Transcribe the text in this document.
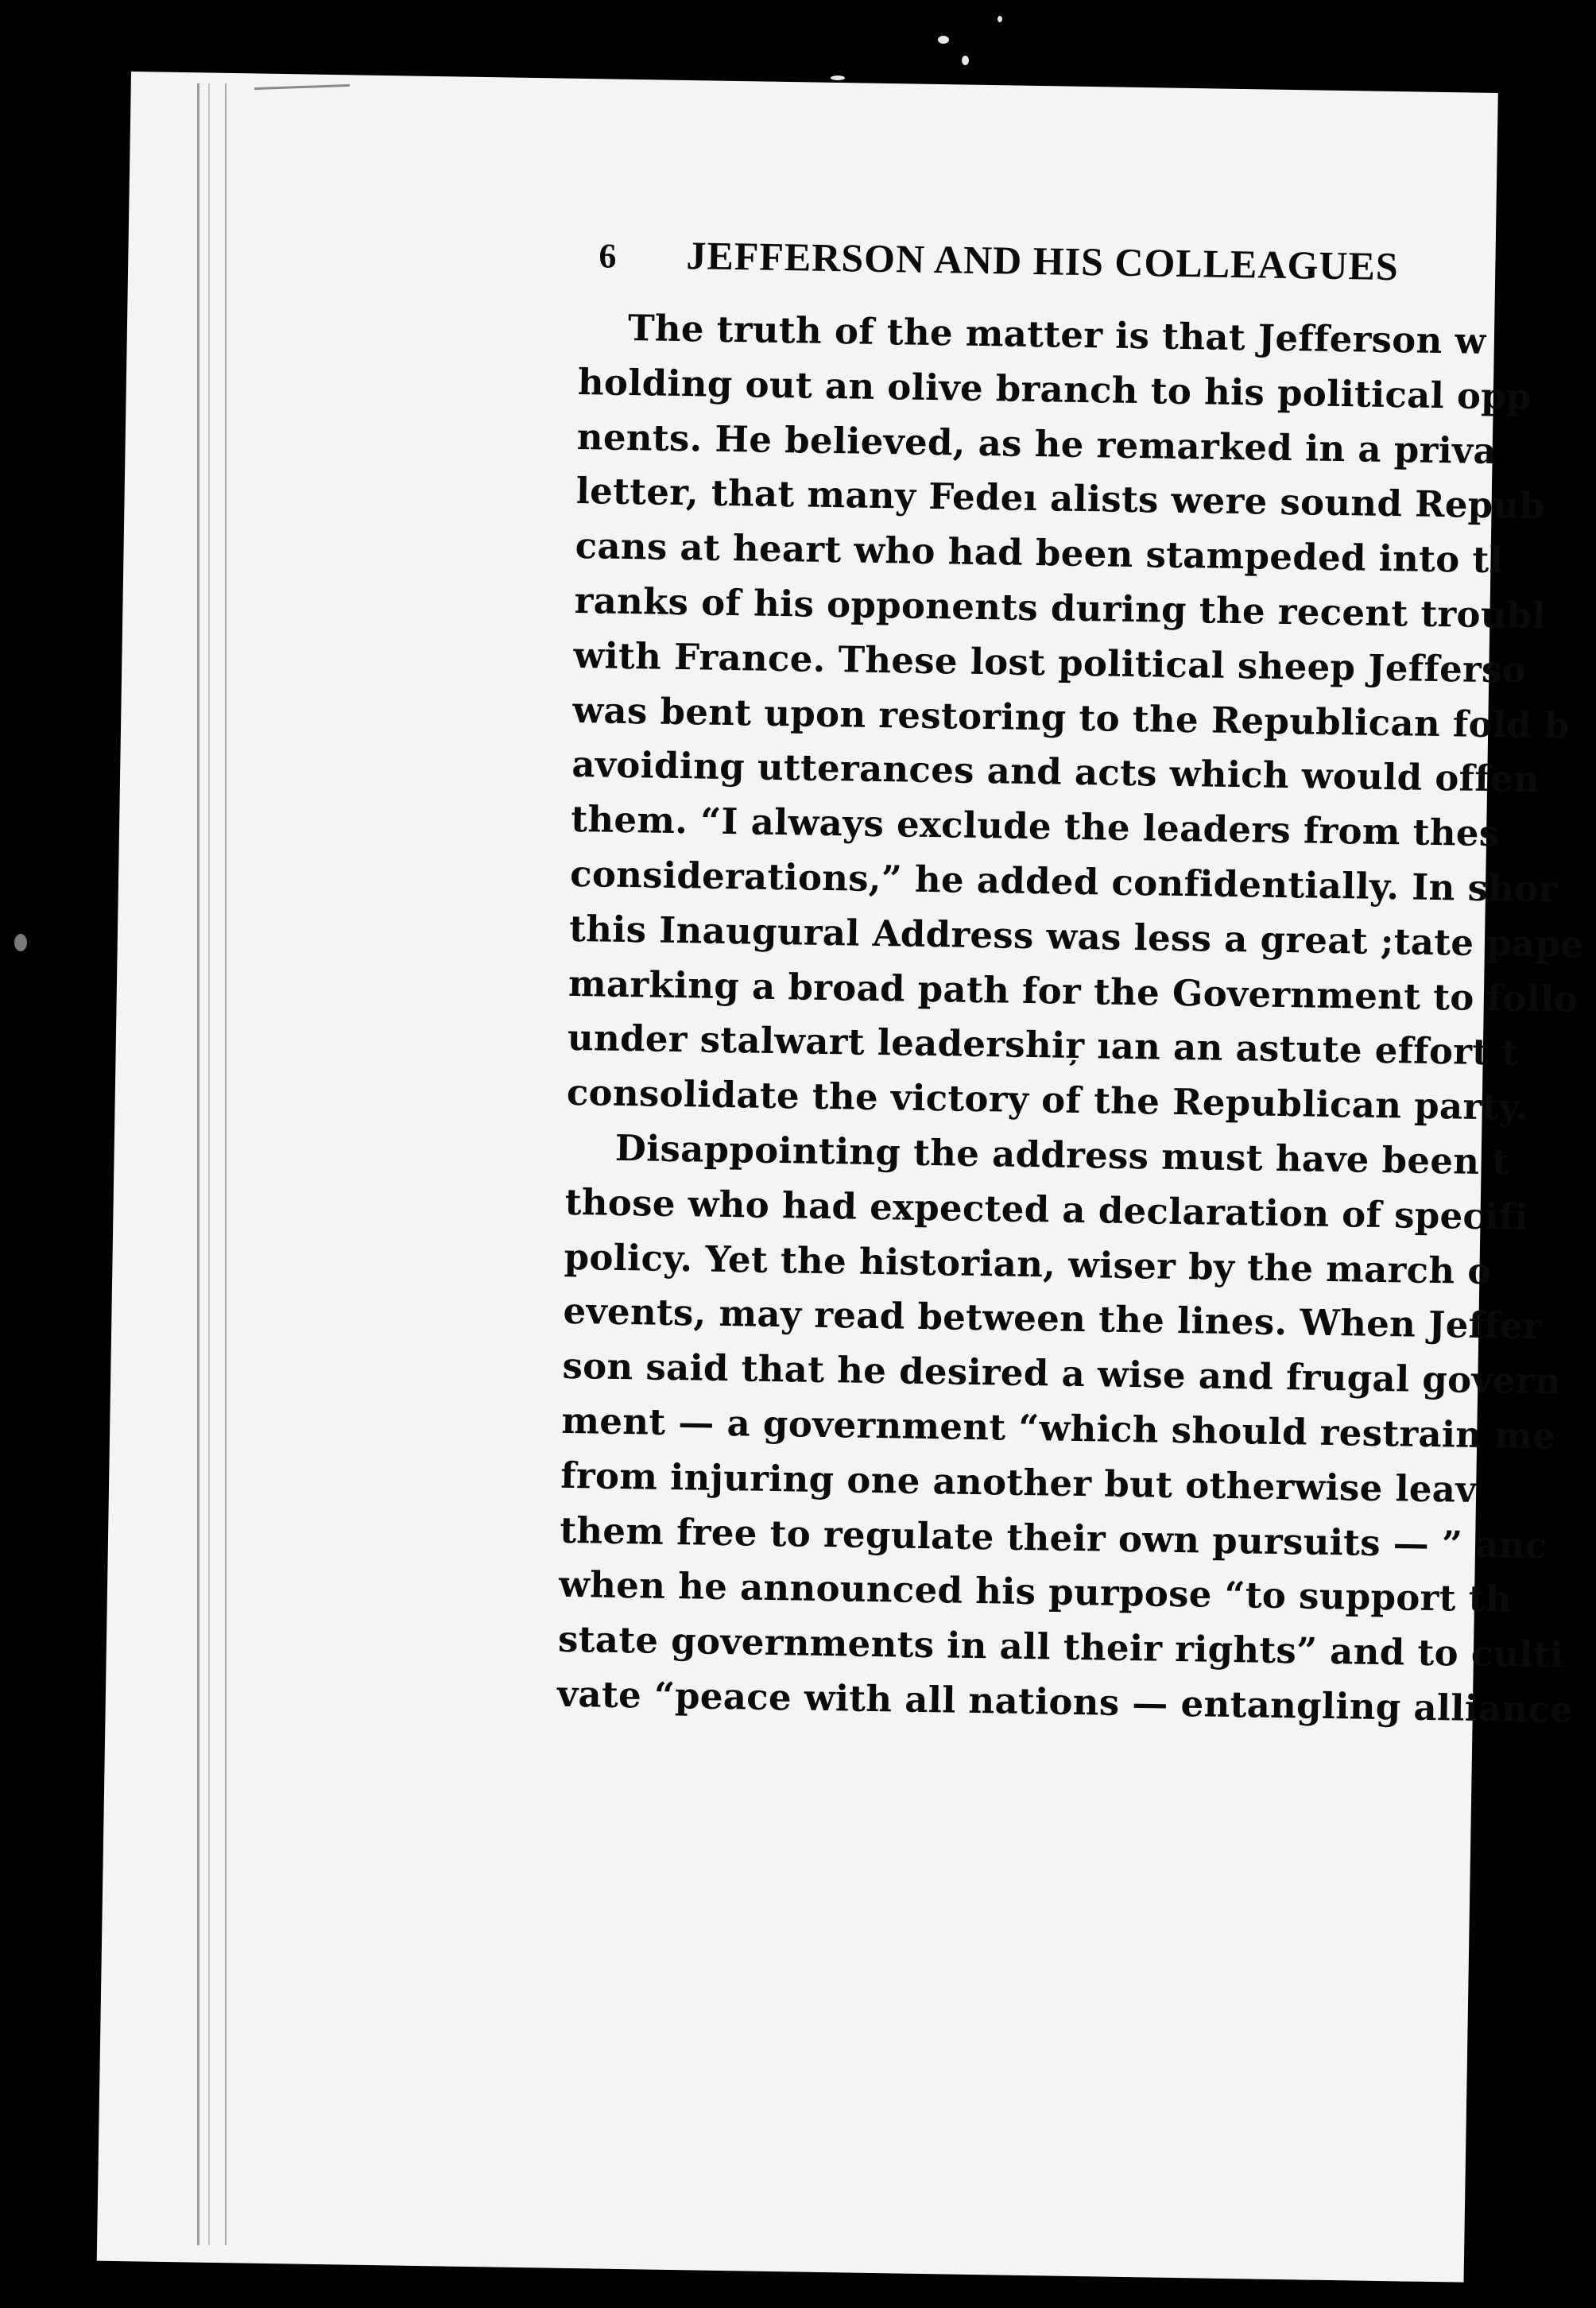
6	JEFFERSON AND HIS COLLEAGUES
The truth of the matter is that Jefferson w
holding out an olive branch to his political opp
nents. He believed, as he remarked in a priva
letter, that many Fedeı alists were sound Repub
cans at heart who had been stampeded into tl
ranks of his opponents during the recent troubl
with France. These lost political sheep Jefferso
was bent upon restoring to the Republican fold b
avoiding utterances and acts which would offen
them. “I always exclude the leaders from thes
considerations,” he added confidentially. In shor
this Inaugural Address was less a great ;tate pape
marking a broad path for the Government to follo
under stalwart leadershiŗ ıan an astute effort t
consolidate the victory of the Republican party.
Disappointing the address must have been t
those who had expected a declaration of specifi
policy. Yet the historian, wiser by the march o
events, may read between the lines. When Jeffer
son said that he desired a wise and frugal govern
ment — a government “which should restrain me
from injuring one another but otherwise leav
them free to regulate their own pursuits — ” anc
when he announced his purpose “to support th
state governments in all their rights” and to culti
vate “peace with all nations — entangling alliance
